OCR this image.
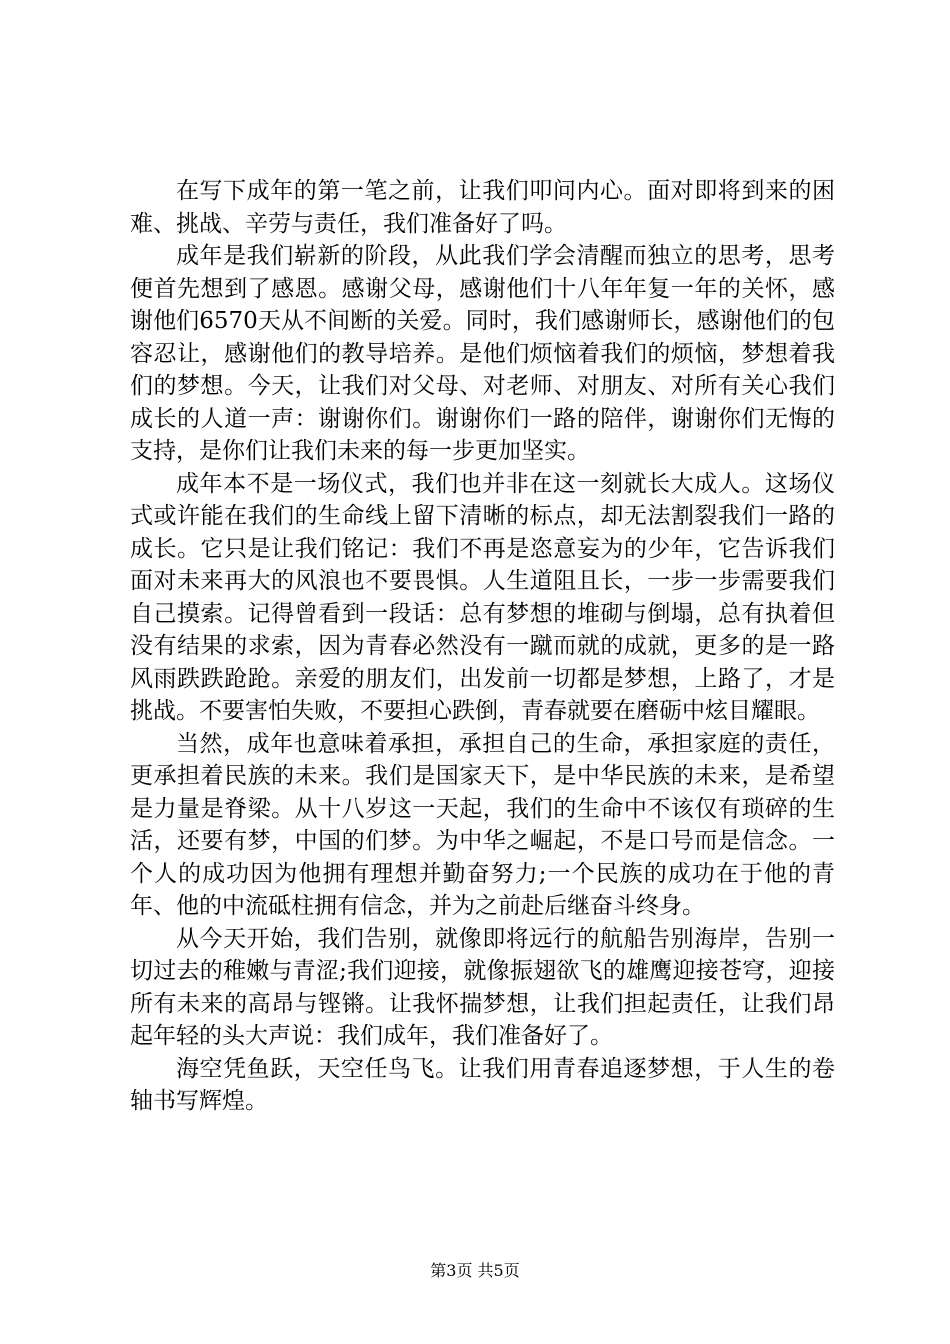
在写下成年的第一笔之前，让我们叩问内心。面对即将到来的困难、挑战、辛劳与责任，我们准备好了吗。

成年是我们崭新的阶段，从此我们学会清醒而独立的思考，思考便首先想到了感恩。感谢父母，感谢他们十八年年复一年的关怀，感谢他们6570天从不间断的关爱。同时，我们感谢师长，感谢他们的包容忍让，感谢他们的教导培养。是他们烦恼着我们的烦恼，梦想着我们的梦想。今天，让我们对父母、对老师、对朋友、对所有关心我们成长的人道一声：谢谢你们。谢谢你们一路的陪伴，谢谢你们无悔的支持，是你们让我们未来的每一步更加坚实。

成年本不是一场仪式，我们也并非在这一刻就长大成人。这场仪式或许能在我们的生命线上留下清晰的标点，却无法割裂我们一路的成长。它只是让我们铭记：我们不再是恣意妄为的少年，它告诉我们面对未来再大的风浪也不要畏惧。人生道阻且长，一步一步需要我们自己摸索。记得曾看到一段话：总有梦想的堆砌与倒塌，总有执着但没有结果的求索，因为青春必然没有一蹴而就的成就，更多的是一路风雨跌跌跄跄。亲爱的朋友们，出发前一切都是梦想，上路了，才是挑战。不要害怕失败，不要担心跌倒，青春就要在磨砺中炫目耀眼。

当然，成年也意味着承担，承担自己的生命，承担家庭的责任，更承担着民族的未来。我们是国家天下，是中华民族的未来，是希望是力量是脊梁。从十八岁这一天起，我们的生命中不该仅有琐碎的生活，还要有梦，中国的们梦。为中华之崛起，不是口号而是信念。一个人的成功因为他拥有理想并勤奋努力;一个民族的成功在于他的青年、他的中流砥柱拥有信念，并为之前赴后继奋斗终身。

从今天开始，我们告别，就像即将远行的航船告别海岸，告别一切过去的稚嫩与青涩;我们迎接，就像振翅欲飞的雄鹰迎接苍穹，迎接所有未来的高昂与铿锵。让我怀揣梦想，让我们担起责任，让我们昂起年轻的头大声说：我们成年，我们准备好了。

海空凭鱼跃，天空任鸟飞。让我们用青春追逐梦想，于人生的卷轴书写辉煌。

第3页 共5页
